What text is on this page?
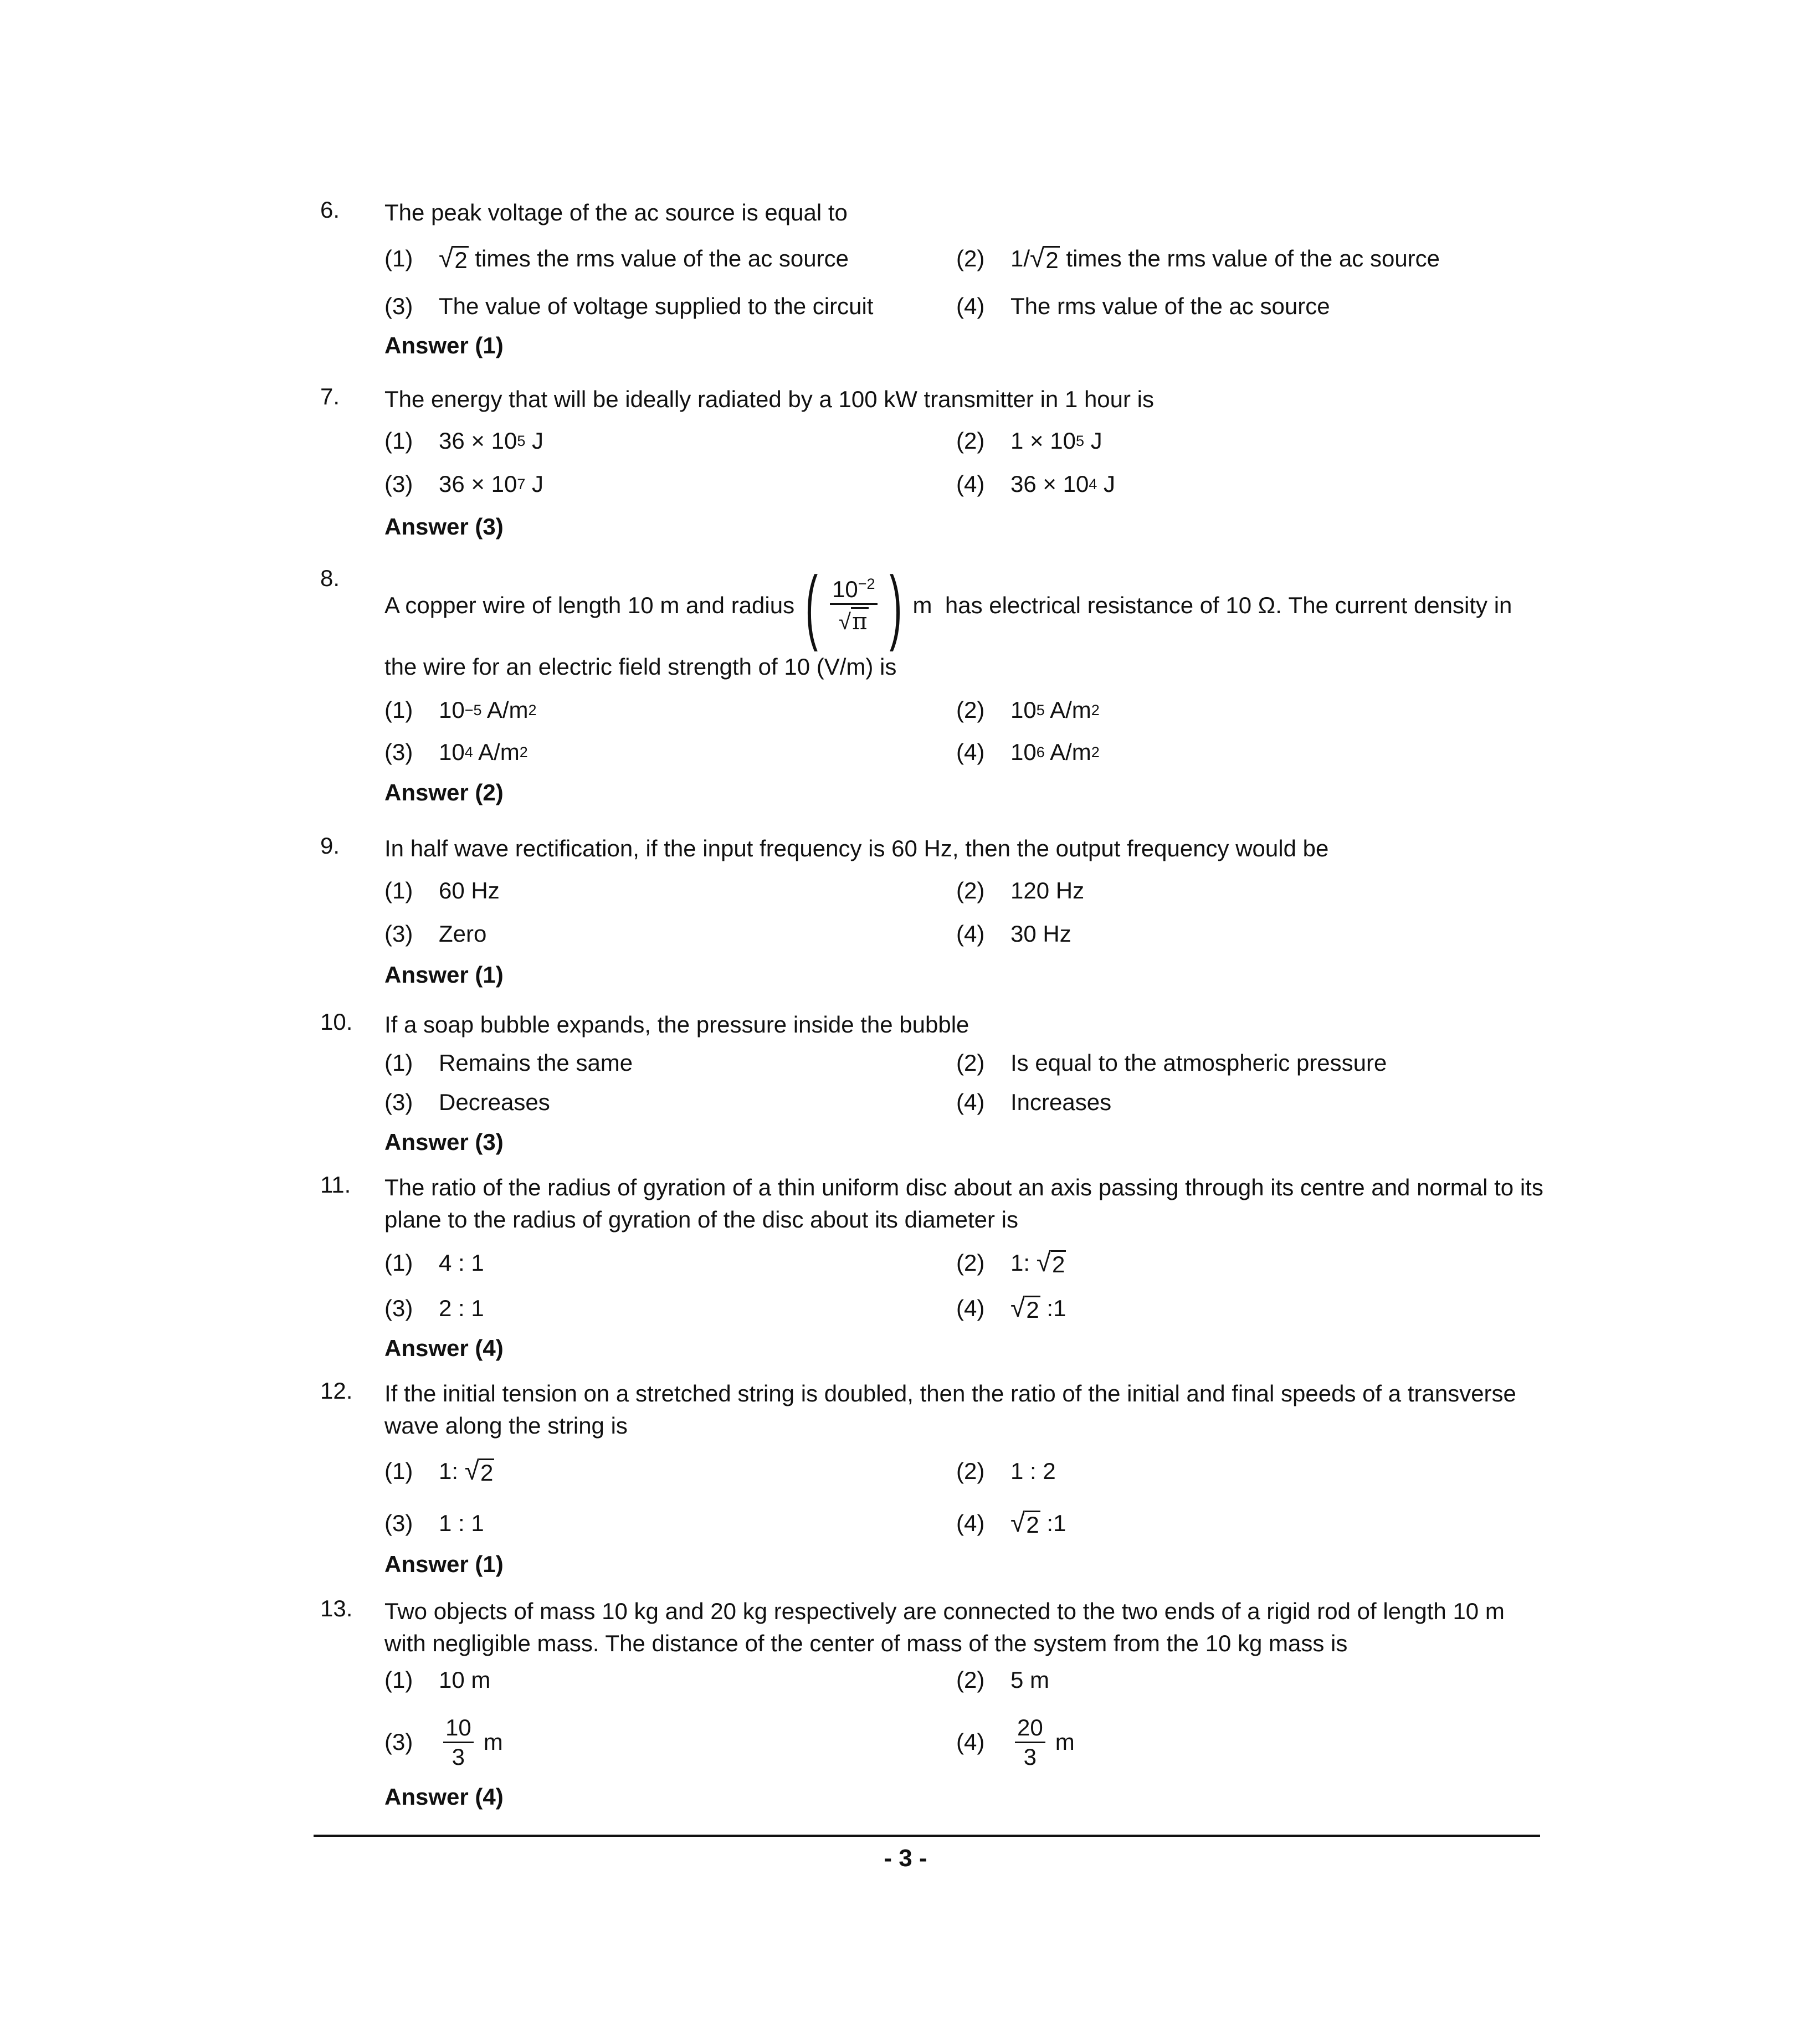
6. The peak voltage of the ac source is equal to
(1) √ 2 times the rms value of the ac source	(2)	1/ √ 2 times the rms value of the ac source
(3)	The value of voltage supplied to the circuit	(4)	The rms value of the ac source
Answer (1)
7. The energy that will be ideally radiated by a 100 kW transmitter in 1 hour is
(1)	36 × 10 5 J	(2)	1 × 10 5 J
(3)	36 × 10 7 J	(4)	36 × 10 4 J
Answer (3)
8.
A copper wire of length 10 m and radius ( $\frac{10^{-2}}{√ \pi}$ ) m  has electrical resistance of 10 Ω. The current density in
the wire for an electric field strength of 10 (V/m) is
(1)	10 −5 A/m 2	(2)	10 5 A/m 2
(3)	10 4 A/m 2	(4)	10 6 A/m 2
Answer (2)
9. In half wave rectification, if the input frequency is 60 Hz, then the output frequency would be
(1)	60 Hz	(2)	120 Hz
(3)	Zero	(4)	30 Hz
Answer (1)
10. If a soap bubble expands, the pressure inside the bubble
(1)	Remains the same	(2)	Is equal to the atmospheric pressure
(3)	Decreases	(4)	Increases
Answer (3)
11. The ratio of the radius of gyration of a thin uniform disc about an axis passing through its centre and normal to its plane to the radius of gyration of the disc about its diameter is
(1)	4 : 1	(2)	1: √ 2
(3)	2 : 1	(4) √ 2 :1
Answer (4)
12. If the initial tension on a stretched string is doubled, then the ratio of the initial and final speeds of a transverse wave along the string is
(1)	1: √ 2	(2)	1 : 2
(3)	1 : 1	(4) √ 2 :1
Answer (1)
13. Two objects of mass 10 kg and 20 kg respectively are connected to the two ends of a rigid rod of length 10 m with negligible mass. The distance of the center of mass of the system from the 10 kg mass is
(1)	10 m	(2)	5 m
(3)	$\frac{10}{3}$ m	(4)	$\frac{20}{3}$ m
Answer (4)
- 3 -
